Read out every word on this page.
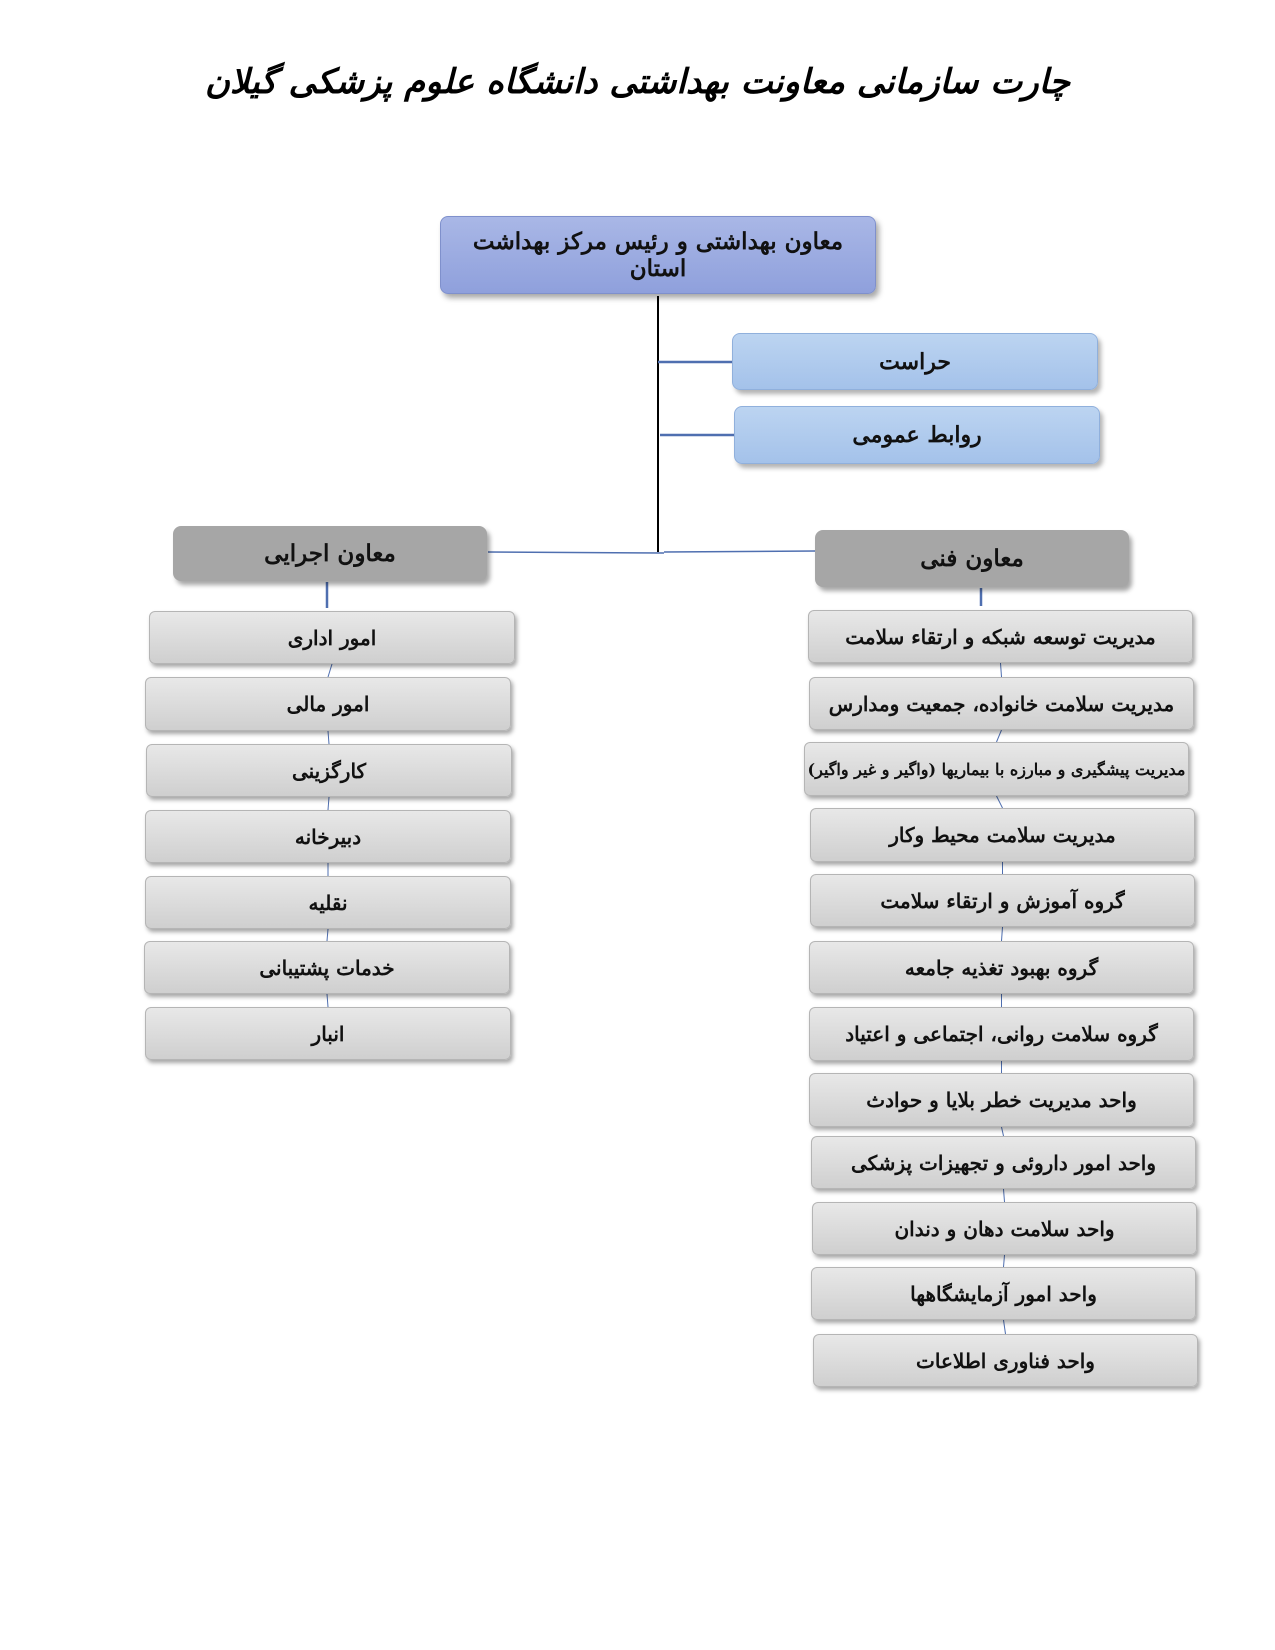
چارت سازمانی معاونت بهداشتی دانشگاه علوم پزشکی گیلان
معاون بهداشتی و رئیس مرکز بهداشت استان
حراست
روابط عمومی
معاون اجرایی	معاون فنی
امور اداری
امور مالی
کارگزینی
دبیرخانه
نقلیه
خدمات پشتیبانی
انبار
مدیریت توسعه شبکه و ارتقاء سلامت
مدیریت سلامت خانواده، جمعیت ومدارس
مدیریت پیشگیری و مبارزه با بیماریها (واگیر و غیر واگیر)
مدیریت سلامت محیط وکار
گروه آموزش و ارتقاء سلامت
گروه بهبود تغذیه جامعه
گروه سلامت روانی، اجتماعی و اعتیاد
واحد مدیریت خطر بلایا و حوادث
واحد امور داروئی و تجهیزات پزشکی
واحد سلامت دهان و دندان
واحد امور آزمایشگاهها
واحد فناوری اطلاعات
